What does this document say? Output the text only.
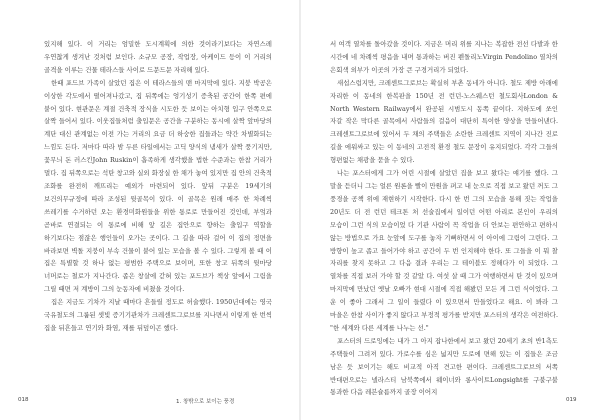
있지해 있다. 이 거리는 엄밀한 도시계획에 의한 것이라기보다는 자연스레 우연찮게 생겨난 것처럼 보인다. 소규모 공장, 작업장, 아케이드 등이 이 거리의 골격을 이루는 건물 테라스들 사이로 드문드문 자리해 있다.

한때 포드브 가족이 살았던 집은 이 테라스들의 맨 마지막에 있다. 지붕 박공은 이상한 각도에서 떨어져나갔고, 집 뒤쪽에는 엉기성기 증축된 공간이 한쪽 편에 붙어 있다. 현관문은 계절 건축적 장식을 시도한 듯 보이는 아치형 입구 안쪽으로 살짝 들어서 있다. 이웃집들처럼 출입문은 공간을 구분하는 동시에 살짝 앞마당의 계단 대신 관계없는 이전 가는 거리의 요금 더 하숭한 집들과는 약간 차별화되는 느낌도 든다. 저마다 따라 밤 두른 타일에서는 고딕 양식의 냄새가 살짝 풍기지만, 꽃무늬 돈 러스킨John Ruskin이 흡족하게 생각했을 법한 수준과는 한참 거리가 멀다. 집 뒤쪽으로는 석탄 창고와 실외 화장실 한 채가 놓여 있지만 집 안의 건축적 조화를 완전히 깨뜨리는 예외가 마련되어 있다. 앞뒤 구분은 19세기의 보건의무규정에 따라 조성된 뒷골목이 있다. 이 골목은 원래 매주 한 차례씩 쓰레기를 수거하던 오는 환경미화원들을 위한 통로로 만들어진 것인데, 부엌과 곧바로 연결되는 이 통로에 비해 앞 길은 집안으로 향하는 출입구 역할을 하기보다는 점잖은 행인들이 오가는 곳이다. 그 길을 따라 걸어 이 집의 정면을 바라보면 벽돌 지붕이 부속 건물이 붙어 있는 모습을 볼 수 있다. 그렇게 볼 때 이 집은 특별할 것 하나 없는 평범한 주택으로 보이며, 또한 창고 뒤쪽의 뒷마당 너머로는 철로가 지나간다. 좁은 창살에 갇혀 있는 포드브가 책상 앞에서 그림을 그릴 때면 저 계방이 그의 눈동자에 비쳤을 것이다.

집은 지금도 기차가 지날 때마다 흔들릴 정도로 허술했다. 1950년대에는 영국 국유철도의 그룹된 셋빛 증기기관차가 크레센트그로브를 지나면서 이렇게 한 번씩 집을 뒤흔들고 연기와 화염, 재를 뒤덮이곤 했다.

서 여객 열차를 돌아갔을 것이다. 지금은 머리 위를 지나는 복잡한 전선 다발과 한 시간에 네 차례씩 평음을 내며 통과하는 버진 펜돌리노Virgin Pendolino 열차의 은회색 외부가 이곳의 가장 큰 구경거리가 되었다.

새섭스럽지만, 크레센트그로브는 확실히 부촌 동네가 아니다. 철도 제방 아래에 자리한 이 동네의 한복판을 150년 전 런던-노스웨스턴 철도회사London & North Western Railway에서 완공된 시범도시 동쪽 끝이다. 지하도에 쏘인 자갈 작은 막다른 골목에서 사람들의 걸음이 대단히 특이한 양상을 만들어낸다. 크레센트그로브에 있어서 두 채의 주택들은 소란한 크레센트 지역이 지나간 진로 길을 에워싸고 있는 이 동네의 고전적 환경 철도 문장이 유지되었다. 각각 그들의 형편없는 채광을 묻을 수 있다.

나는 포스터에게 그가 어린 시절에 살았던 집을 보고 왔다는 얘기를 했다. 그 말을 듣더니 그는 얼른 원론을 빨이 만원을 펴고 내 눈으로 직접 보고 왔던 꺼도 그 풍경을 공책 위에 재현하기 시작한다. 다시 한 번 그의 모습을 통해 짓는 작업을 20년도 더 전 런던 테크톤 처 선술집에서 일이던 어떤 아리로 본인이 우리의 모습이 그런 식의 모습이었 다 기관 사람이 꼭 작업을 더 안보는 편안하고 편하시 않는 방법으로 가요 눈앞에 도구를 놓자 기뻐하면서 이 아이에 그림이 그린다. 그 방향이 높고 좁고 들어가야 하고 공간이 두 번 인지해야 한다. 또 그들을 이 뭐 찰 자리를 찾지 못하고 그 다음 결과 우리는 그 테이블도 정해다가 이 되었다. 그 열차를 직접 보러 가야 할 것 같았 다. 여섯 살 때 그가 여행하면서 탄 것이 있으며 마지막에 만났던 옛날 오빠가 현대 시절에 직접 해봤던 모든 게 그런 식이었다. 그 운 이 좋아 그래서 그 일이 들렸다 이 있으면서 만들었다고 해요. 이 봐라 그 마을은 한참 사이가 좋지 않다고 부정적 평가를 받지만 포스터의 생각은 여전하다. "한 세계와 다른 세계를 나누는 선."

포스터의 드로잉에는 내가 그 아지 잡나한에서 보고 왔던 20세기 초의 반1측도 주택들이 그려져 있다. 가로수를 심은 넓지만 도로에 면해 있는 이 집들은 조금 남은 듯 보이기는 해도 비교적 아직 견고한 편이다. 크레센트그로브의 서쪽 반대편으로는 넬라스티 남북쪽에서 웨이너와 롱사이트Longsight를 구불구불 통과한 다음 레븐슐름까지 골장 이어지

018	1. 창밖으로 보이는 풍경	019
